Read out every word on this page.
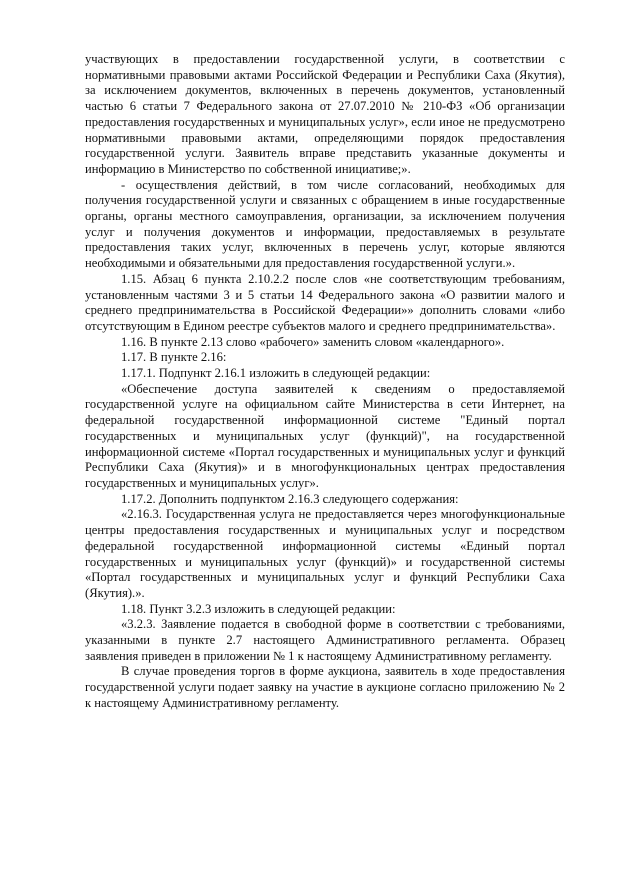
участвующих в предоставлении государственной услуги, в соответствии с нормативными правовыми актами Российской Федерации и Республики Саха (Якутия), за исключением документов, включенных в перечень документов, установленный частью 6 статьи 7 Федерального закона от 27.07.2010 № 210-ФЗ «Об организации предоставления государственных и муниципальных услуг», если иное не предусмотрено нормативными правовыми актами, определяющими порядок предоставления государственной услуги. Заявитель вправе представить указанные документы и информацию в Министерство по собственной инициативе;».

- осуществления действий, в том числе согласований, необходимых для получения государственной услуги и связанных с обращением в иные государственные органы, органы местного самоуправления, организации, за исключением получения услуг и получения документов и информации, предоставляемых в результате предоставления таких услуг, включенных в перечень услуг, которые являются необходимыми и обязательными для предоставления государственной услуги.».

1.15. Абзац 6 пункта 2.10.2.2 после слов «не соответствующим требованиям, установленным частями 3 и 5 статьи 14 Федерального закона «О развитии малого и среднего предпринимательства в Российской Федерации»» дополнить словами «либо отсутствующим в Едином реестре субъектов малого и среднего предпринимательства».

1.16. В пункте 2.13 слово «рабочего» заменить словом «календарного».

1.17. В пункте 2.16:

1.17.1. Подпункт 2.16.1 изложить в следующей редакции:

«Обеспечение доступа заявителей к сведениям о предоставляемой государственной услуге на официальном сайте Министерства в сети Интернет, на федеральной государственной информационной системе "Единый портал государственных и муниципальных услуг (функций)", на государственной информационной системе «Портал государственных и муниципальных услуг и функций Республики Саха (Якутия)» и в многофункциональных центрах предоставления государственных и муниципальных услуг».

1.17.2. Дополнить подпунктом 2.16.3 следующего содержания:

«2.16.3. Государственная услуга не предоставляется через многофункциональные центры предоставления государственных и муниципальных услуг и посредством федеральной государственной информационной системы «Единый портал государственных и муниципальных услуг (функций)» и государственной системы «Портал государственных и муниципальных услуг и функций Республики Саха (Якутия).».

1.18. Пункт 3.2.3 изложить в следующей редакции:

«3.2.3. Заявление подается в свободной форме в соответствии с требованиями, указанными в пункте 2.7 настоящего Административного регламента. Образец заявления приведен в приложении № 1 к настоящему Административному регламенту.

В случае проведения торгов в форме аукциона, заявитель в ходе предоставления государственной услуги подает заявку на участие в аукционе согласно приложению № 2 к настоящему Административному регламенту.
